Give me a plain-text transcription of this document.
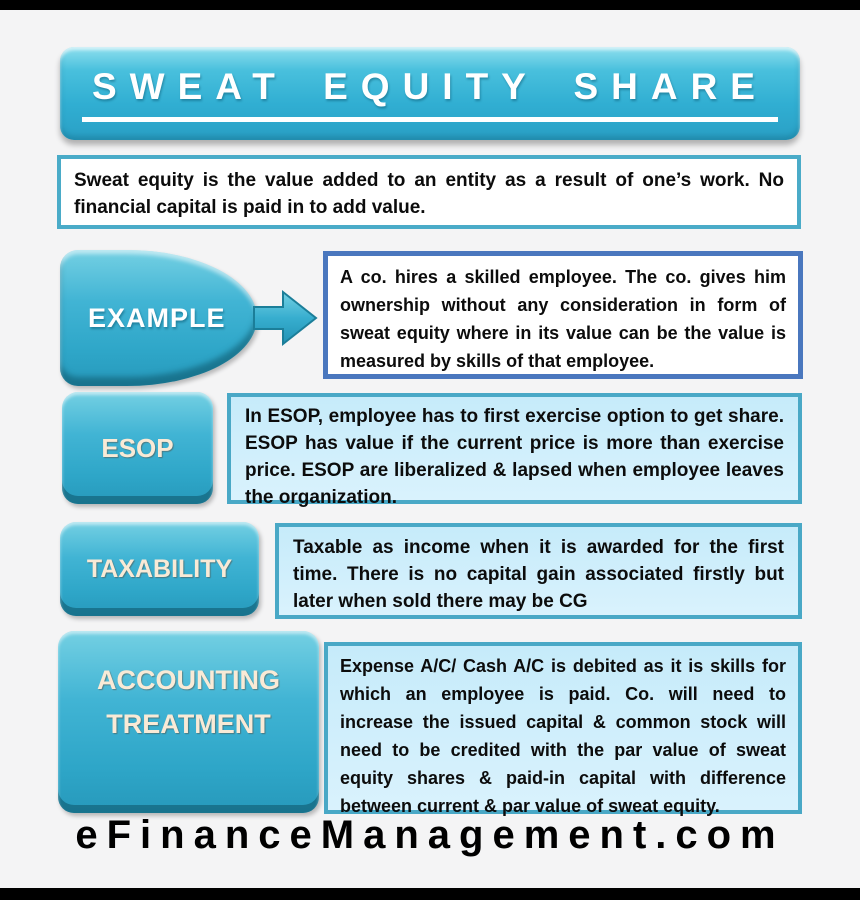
SWEAT EQUITY SHARE
Sweat equity is the value added to an entity as a result of one’s work. No financial capital is paid in to add value.
EXAMPLE
A co. hires a skilled employee. The co. gives him ownership without any consideration in form of sweat equity where in its value can be the value is measured by skills of that employee.
ESOP
In ESOP, employee has to first exercise option to get share. ESOP has value if the current price is more than exercise price. ESOP are liberalized & lapsed when employee leaves the organization.
TAXABILITY
Taxable as income when it is awarded for the first time. There is no capital gain associated firstly but later when sold there may be CG
ACCOUNTING TREATMENT
Expense A/C/ Cash A/C is debited as it is skills for which an employee is paid. Co. will need to increase the issued capital & common stock will need to be credited with the par value of sweat equity shares & paid-in capital with difference between current & par value of sweat equity.
eFinanceManagement.com
